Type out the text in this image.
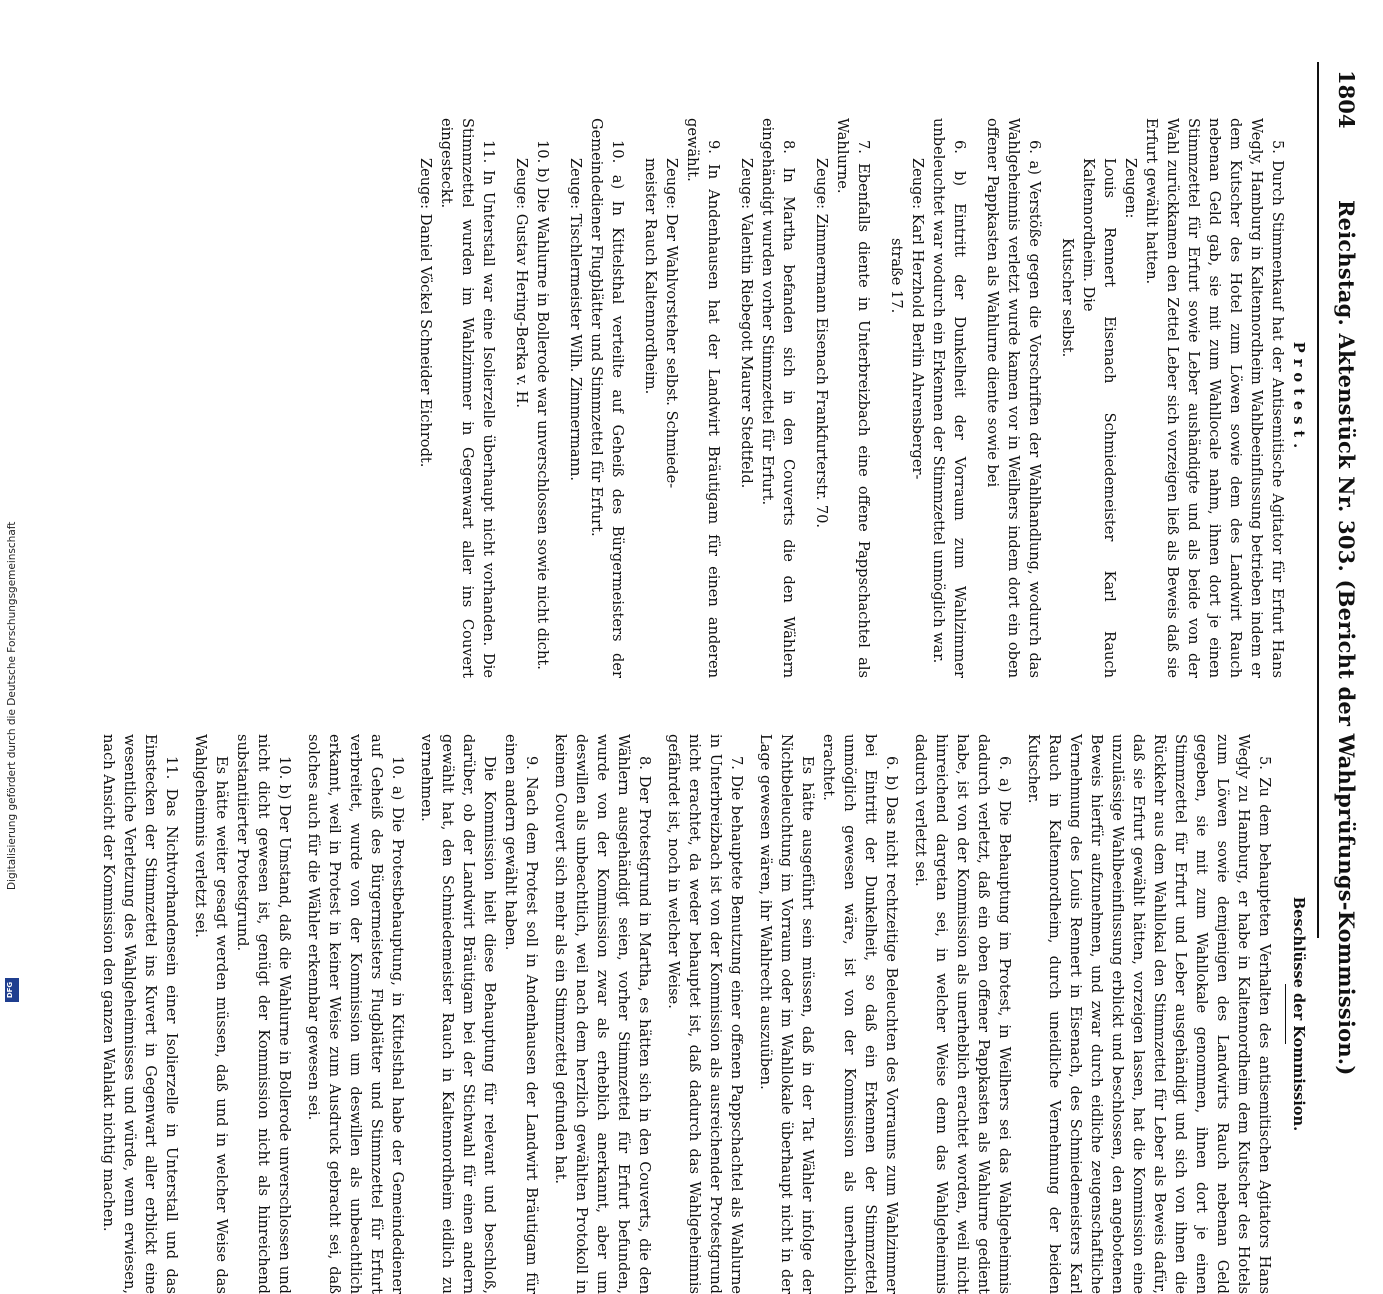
1804
Reichstag. Aktenstück Nr. 303. (Bericht der Wahlprüfungs-Kommission.)

Protest.

5. Durch Stimmenkauf hat der Antisemitische Agitator für Erfurt Hans Wegly, Hamburg in Kaltennordheim Wahlbeeinflussung betrieben indem er dem Kutscher des Hotel zum Löwen sowie dem des Landwirt Rauch nebenan Geld gab, sie mit zum Wahllocale nahm, ihnen dort je einen Stimmzettel für Erfurt sowie Leber aushändigte und als beide von der Wahl zurückkamen den Zettel Leber sich vorzeigen ließ als Beweis daß sie Erfurt gewählt hatten.

Zeugen:

Louis Rennert Eisenach Schmiedemeister Karl Rauch Kaltennordheim. Die

Kutscher selbst.

6. a) Verstöße gegen die Vorschriften der Wahlhandlung, wodurch das Wahlgeheimnis verletzt wurde kamen vor in Weilhers indem dort ein oben offener Pappkasten als Wahlurne diente sowie bei

6. b) Eintritt der Dunkelheit der Vorraum zum Wahlzimmer unbeleuchtet war wodurch ein Erkennen der Stimmzettel unmöglich war.

Zeuge: Karl Herzhold Berlin Ahrensberger-

straße 17.

7. Ebenfalls diente in Unterbreizbach eine offene Pappschachtel als Wahlurne.

Zeuge: Zimmermann Eisenach Frankfurterstr. 70.

8. In Martha befanden sich in den Couverts die den Wählern eingehändigt wurden vorher Stimmzettel für Erfurt.

Zeuge: Valentin Riebegott Maurer Stedtfeld.

9. In Andenhausen hat der Landwirt Bräutigam für einen anderen gewählt.

Zeuge: Der Wahlvorsteher selbst. Schmiede-

meister Rauch Kaltennordheim.

10. a) In Kittelsthal verteilte auf Geheiß des Bürgermeisters der Gemeindediener Flugblätter und Stimmzettel für Erfurt.

Zeuge: Tischlermeister Wilh. Zimmermann.

10. b) Die Wahlurne in Bollerode war unverschlossen sowie nicht dicht.

Zeuge: Gustav Hering-Berka v. H.

11. In Unterstall war eine Isolierzelle überhaupt nicht vorhanden. Die Stimmzettel wurden im Wahlzimmer in Gegenwart aller ins Couvert eingesteckt.

Zeuge: Daniel Vöckel Schneider Eichrodt.

Beschlüsse der Kommission.

5. Zu dem behaupteten Verhalten des antisemitischen Agitators Hans Wegly zu Hamburg, er habe in Kaltennordheim dem Kutscher des Hotels zum Löwen sowie demjenigen des Landwirts Rauch nebenan Geld gegeben, sie mit zum Wahllokale genommen, ihnen dort je einen Stimmzettel für Erfurt und Leber ausgehändigt und sich von ihnen die Rückkehr aus dem Wahllokal den Stimmzettel für Leber als Beweis dafür, daß sie Erfurt gewählt hätten, vorzeigen lassen, hat die Kommission eine unzulässige Wahlbeeinflussung erblickt und beschlossen, den angebotenen Beweis hierfür aufzunehmen, und zwar durch eidliche zeugenschaftliche Vernehmung des Louis Rennert in Eisenach, des Schmiedemeisters Karl Rauch in Kaltennordheim, durch uneidliche Vernehmung der beiden Kutscher.

6. a) Die Behauptung im Protest, in Weilhers sei das Wahlgeheimnis dadurch verletzt, daß ein oben offener Pappkasten als Wahlurne gedient habe, ist von der Kommission als unerheblich erachtet worden, weil nicht hinreichend dargetan sei, in welcher Weise denn das Wahlgeheimnis dadurch verletzt sei.

6. b) Das nicht rechtzeitige Beleuchten des Vorraums zum Wahlzimmer bei Eintritt der Dunkelheit, so daß ein Erkennen der Stimmzettel unmöglich gewesen wäre, ist von der Kommission als unerheblich erachtet.

Es hätte ausgeführt sein müssen, daß in der Tat Wähler infolge der Nichtbeleuchtung im Vorraum oder im Wahllokale überhaupt nicht in der Lage gewesen wären, ihr Wahlrecht auszuüben.

7. Die behauptete Benutzung einer offenen Pappschachtel als Wahlurne in Unterbreizbach ist von der Kommission als ausreichender Protestgrund nicht erachtet, da weder behauptet ist, daß dadurch das Wahlgeheimnis gefährdet ist, noch in welcher Weise.

8. Der Protestgrund in Martha, es hätten sich in den Couverts, die den Wählern ausgehändigt seien, vorher Stimmzettel für Erfurt befunden, wurde von der Kommission zwar als erheblich anerkannt, aber um deswillen als unbeachtlich, weil nach dem herzlich gewählten Protokoll in keinem Couvert sich mehr als ein Stimmzettel gefunden hat.

9. Nach dem Protest soll in Andenhausen der Landwirt Bräutigam für einen andern gewählt haben.

Die Kommission hielt diese Behauptung für relevant und beschloß, darüber, ob der Landwirt Bräutigam bei der Stichwahl für einen andern gewählt hat, den Schmiedemeister Rauch in Kaltennordheim eidlich zu vernehmen.

10. a) Die Protestbehauptung, in Kittelsthal habe der Gemeindediener auf Geheiß des Bürgermeisters Flugblätter und Stimmzettel für Erfurt verbreitet, wurde von der Kommission um deswillen als unbeachtlich erkannt, weil in Protest in keiner Weise zum Ausdruck gebracht sei, daß solches auch für die Wähler erkennbar gewesen sei.

10. b) Der Umstand, daß die Wahlurne in Bollerode unverschlossen und nicht dicht gewesen ist, genügt der Kommission nicht als hinreichend substantiierter Protestgrund.

Es hätte weiter gesagt werden müssen, daß und in welcher Weise das Wahlgeheimnis verletzt sei.

11. Das Nichtvorhandensein einer Isolierzelle in Unterstall und das Einstecken der Stimmzettel ins Kuvert in Gegenwart aller erblickt eine wesentliche Verletzung des Wahlgeheimnisses und würde, wenn erwiesen, nach Ansicht der Kommission den ganzen Wahlakt nichtig machen.

Digitalisierung gefördert durch die Deutsche Forschungsgemeinschaft
DFG
